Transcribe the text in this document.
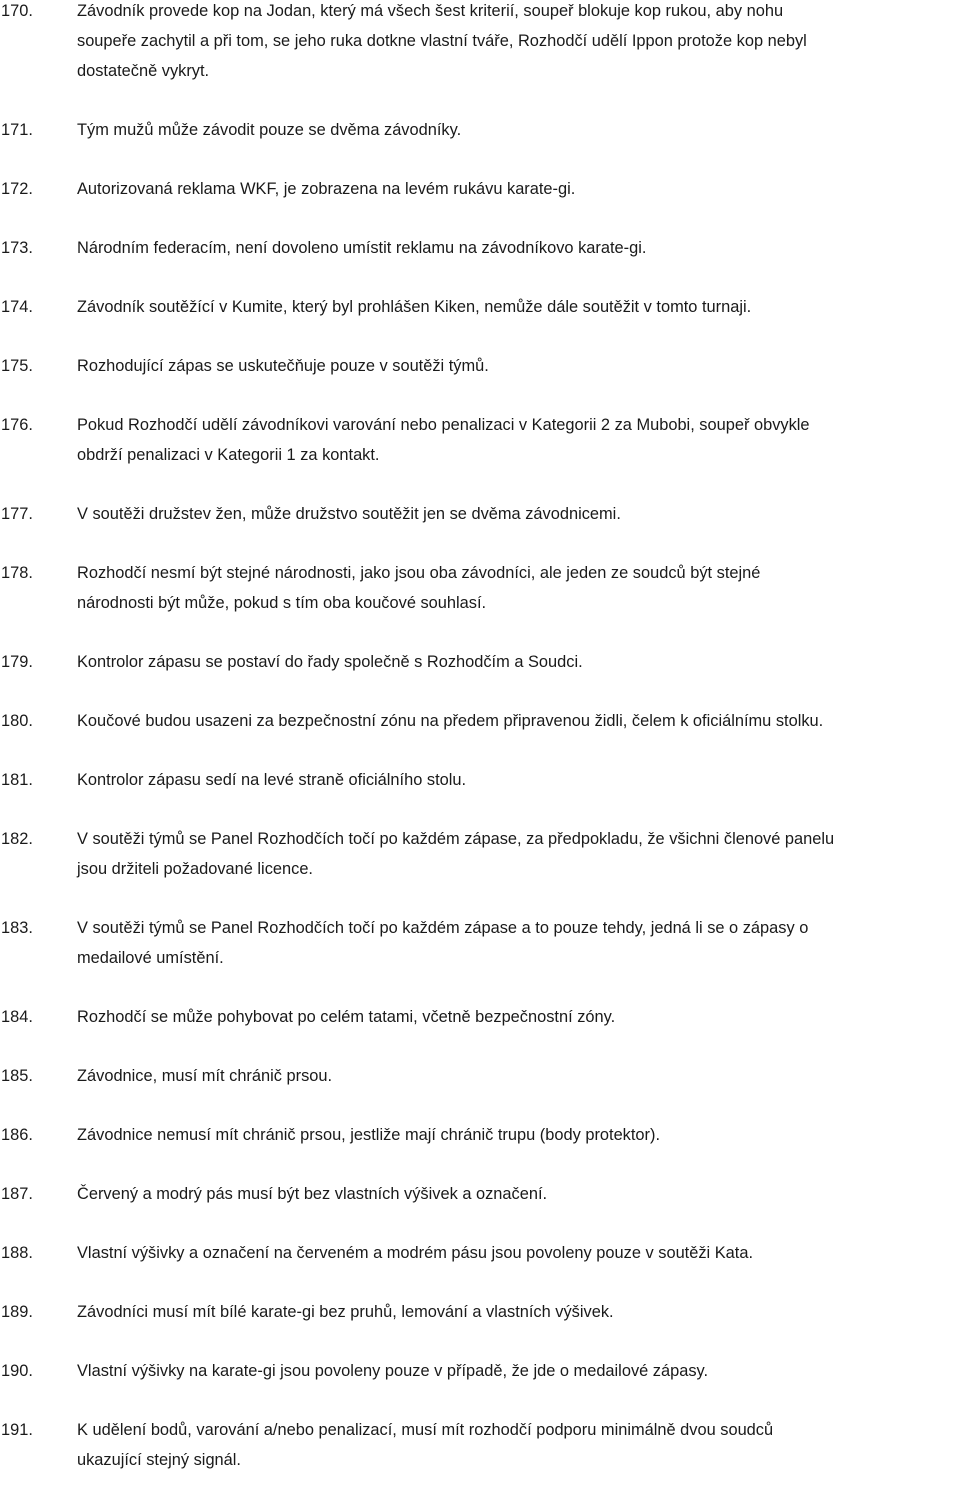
170.	Závodník provede kop na Jodan, který má všech šest kriterií, soupeř blokuje kop rukou, aby nohu
soupeře zachytil a při tom, se jeho ruka dotkne vlastní tváře, Rozhodčí udělí Ippon protože kop nebyl
dostatečně vykryt.
171.	Tým mužů může závodit pouze se dvěma závodníky.
172.	Autorizovaná reklama WKF, je zobrazena na levém rukávu karate-gi.
173.	Národním federacím, není dovoleno umístit reklamu na závodníkovo karate-gi.
174.	Závodník soutěžící v Kumite, který byl prohlášen Kiken, nemůže dále soutěžit v tomto turnaji.
175.	Rozhodující zápas se uskutečňuje pouze v soutěži týmů.
176.	Pokud Rozhodčí udělí závodníkovi varování nebo penalizaci v Kategorii 2 za Mubobi, soupeř obvykle
obdrží penalizaci v Kategorii 1 za kontakt.
177.	V soutěži družstev žen, může družstvo soutěžit jen se dvěma závodnicemi.
178.	Rozhodčí nesmí být stejné národnosti, jako jsou oba závodníci, ale jeden ze soudců být stejné
národnosti být může, pokud s tím oba koučové souhlasí.
179.	Kontrolor zápasu se postaví do řady společně s Rozhodčím a Soudci.
180.	Koučové budou usazeni za bezpečnostní zónu na předem připravenou židli, čelem k oficiálnímu stolku.
181.	Kontrolor zápasu sedí na levé straně oficiálního stolu.
182.	V soutěži týmů se Panel Rozhodčích točí po každém zápase, za předpokladu, že všichni členové panelu
jsou držiteli požadované licence.
183.	V soutěži týmů se Panel Rozhodčích točí po každém zápase a to pouze tehdy, jedná li se o zápasy o
medailové umístění.
184.	Rozhodčí se může pohybovat po celém tatami, včetně bezpečnostní zóny.
185.	Závodnice, musí mít chránič prsou.
186.	Závodnice nemusí mít chránič prsou, jestliže mají chránič trupu (body protektor).
187.	Červený a modrý pás musí být bez vlastních výšivek a označení.
188.	Vlastní výšivky a označení na červeném a modrém pásu jsou povoleny pouze v soutěži Kata.
189.	Závodníci musí mít bílé karate-gi bez pruhů, lemování a vlastních výšivek.
190.	Vlastní výšivky na karate-gi jsou povoleny pouze v případě, že jde o medailové zápasy.
191.	K udělení bodů, varování a/nebo penalizací, musí mít rozhodčí podporu minimálně dvou soudců
ukazující stejný signál.
